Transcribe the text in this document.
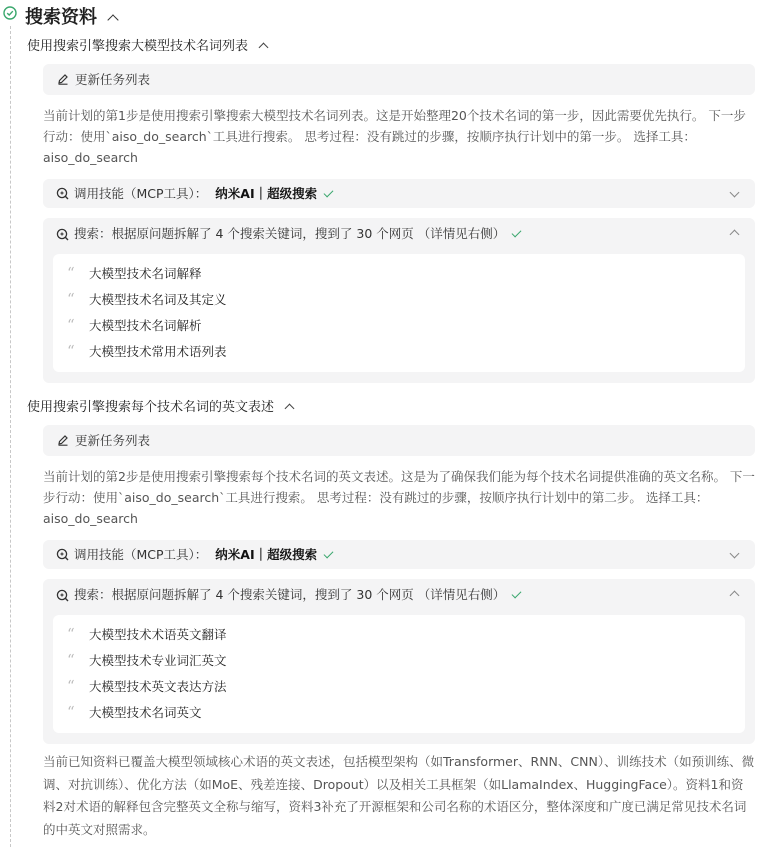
搜索资料
使用搜索引擎搜索大模型技术名词列表
更新任务列表
当前计划的第1步是使用搜索引擎搜索大模型技术名词列表。这是开始整理20个技术名词的第一步，因此需要优先执行。 下一步行动：使用`aiso_do_search`工具进行搜索。 思考过程：没有跳过的步骤，按顺序执行计划中的第一步。 选择工具：aiso_do_search
调用技能（MCP工具）： 纳米AI｜超级搜索
搜索：根据原问题拆解了 4 个搜索关键词，搜到了 30 个网页 （详情见右侧）
“ 大模型技术名词解释
“ 大模型技术名词及其定义
“ 大模型技术名词解析
“ 大模型技术常用术语列表
使用搜索引擎搜索每个技术名词的英文表述
更新任务列表
当前计划的第2步是使用搜索引擎搜索每个技术名词的英文表述。这是为了确保我们能为每个技术名词提供准确的英文名称。 下一步行动：使用`aiso_do_search`工具进行搜索。 思考过程：没有跳过的步骤，按顺序执行计划中的第二步。 选择工具：aiso_do_search
调用技能（MCP工具）： 纳米AI｜超级搜索
搜索：根据原问题拆解了 4 个搜索关键词，搜到了 30 个网页 （详情见右侧）
“ 大模型技术术语英文翻译
“ 大模型技术专业词汇英文
“ 大模型技术英文表达方法
“ 大模型技术名词英文
当前已知资料已覆盖大模型领域核心术语的英文表述，包括模型架构（如Transformer、RNN、CNN）、训练技术（如预训练、微调、对抗训练）、优化方法（如MoE、残差连接、Dropout）以及相关工具框架（如LlamaIndex、HuggingFace）。资料1和资料2对术语的解释包含完整英文全称与缩写，资料3补充了开源框架和公司名称的术语区分，整体深度和广度已满足常见技术名词的中英文对照需求。
